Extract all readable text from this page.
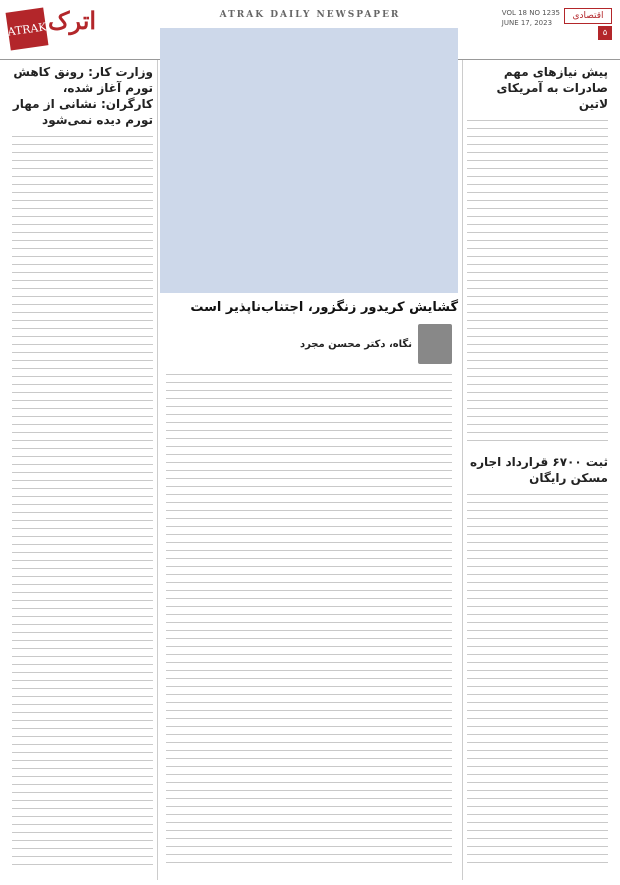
ATRAK اترک	ATRAK DAILY NEWSPAPER	VOL 18 NO 1235
JUNE 17, 2023
اقتصادی
۵
گشایش کریدور زنگزور، اجتناب‌ناپذیر است
پیش نیازهای مهم صادرات به آمریکای لاتین
ثبت ۶۷۰۰ قرارداد اجاره مسکن رایگان
نگاه، دکتر محسن مجرد
وزارت کار: رونق کاهش تورم آغاز شده، کارگران: نشانی از مهار تورم دیده نمی‌شود
